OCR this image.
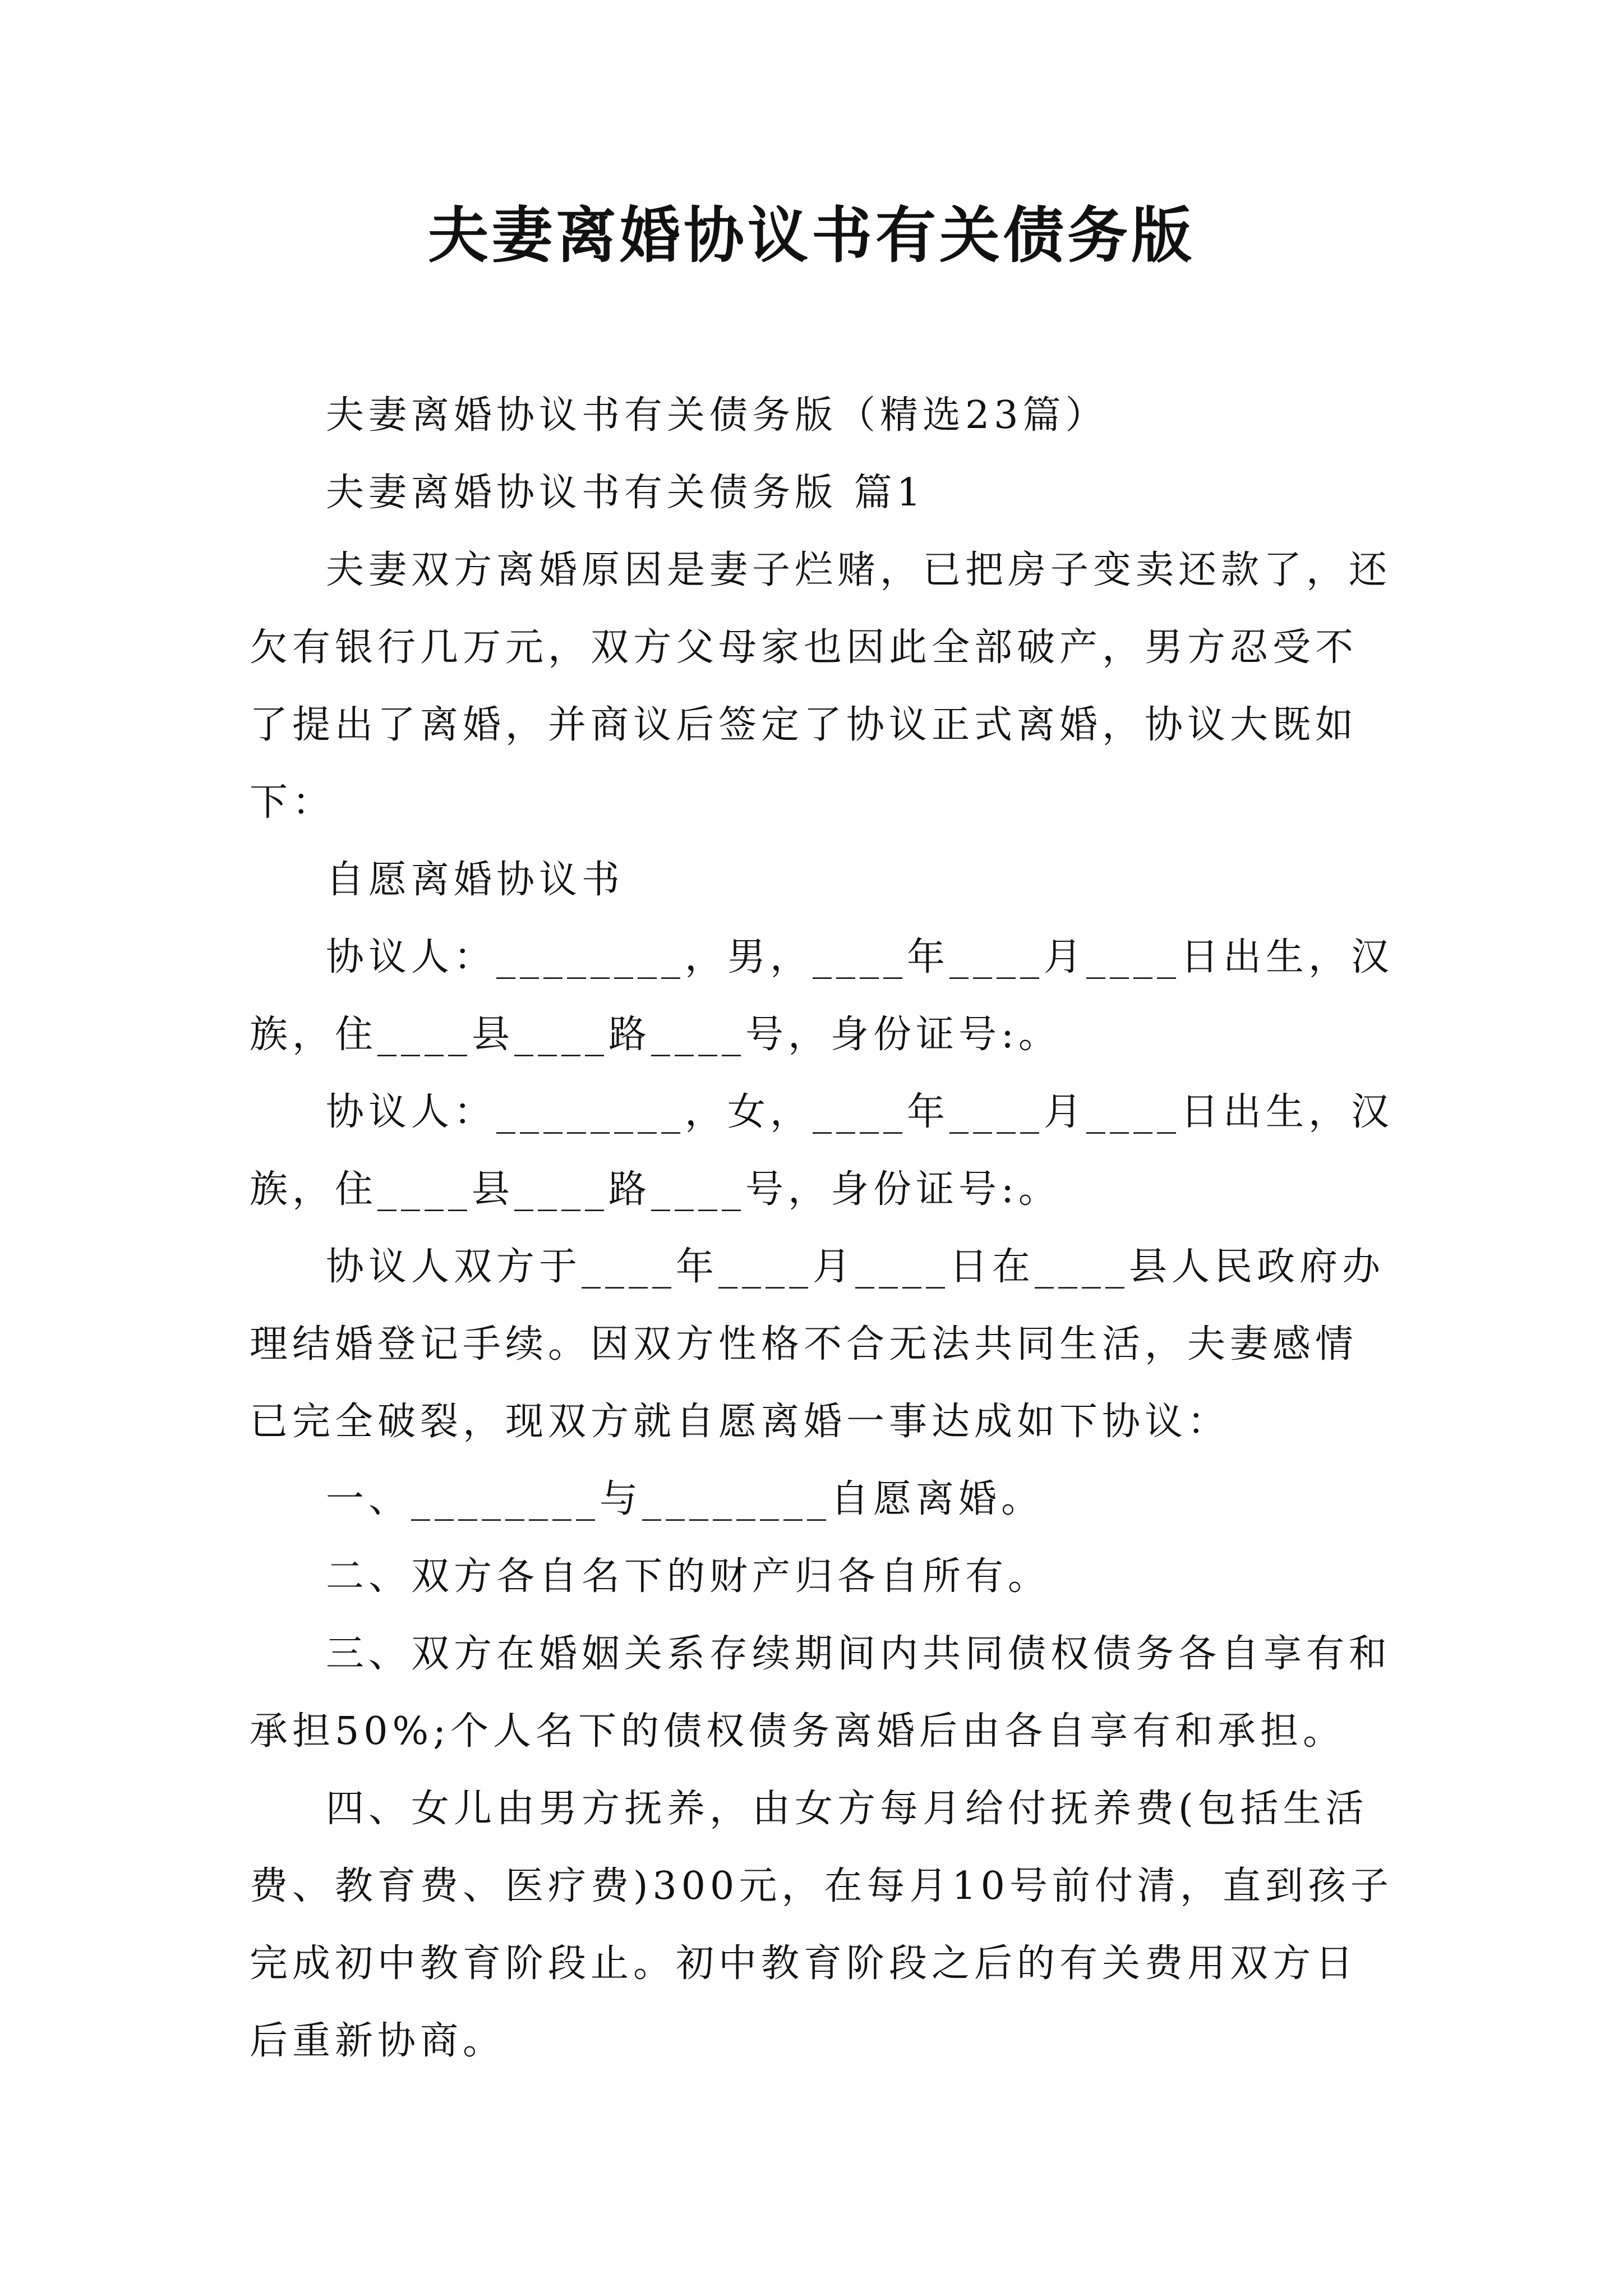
夫妻离婚协议书有关债务版

夫妻离婚协议书有关债务版（精选23篇）

夫妻离婚协议书有关债务版 篇1

夫妻双方离婚原因是妻子烂赌，已把房子变卖还款了，还欠有银行几万元，双方父母家也因此全部破产，男方忍受不了提出了离婚，并商议后签定了协议正式离婚，协议大既如下：

自愿离婚协议书

协议人：________，男，____年____月____日出生，汉族，住____县____路____号，身份证号:。

协议人：________，女，____年____月____日出生，汉族，住____县____路____号，身份证号:。

协议人双方于____年____月____日在____县人民政府办理结婚登记手续。因双方性格不合无法共同生活，夫妻感情已完全破裂，现双方就自愿离婚一事达成如下协议：

一、________与________自愿离婚。

二、双方各自名下的财产归各自所有。

三、双方在婚姻关系存续期间内共同债权债务各自享有和承担50%;个人名下的债权债务离婚后由各自享有和承担。

四、女儿由男方抚养，由女方每月给付抚养费(包括生活费、教育费、医疗费)300元，在每月10号前付清，直到孩子完成初中教育阶段止。初中教育阶段之后的有关费用双方日后重新协商。
